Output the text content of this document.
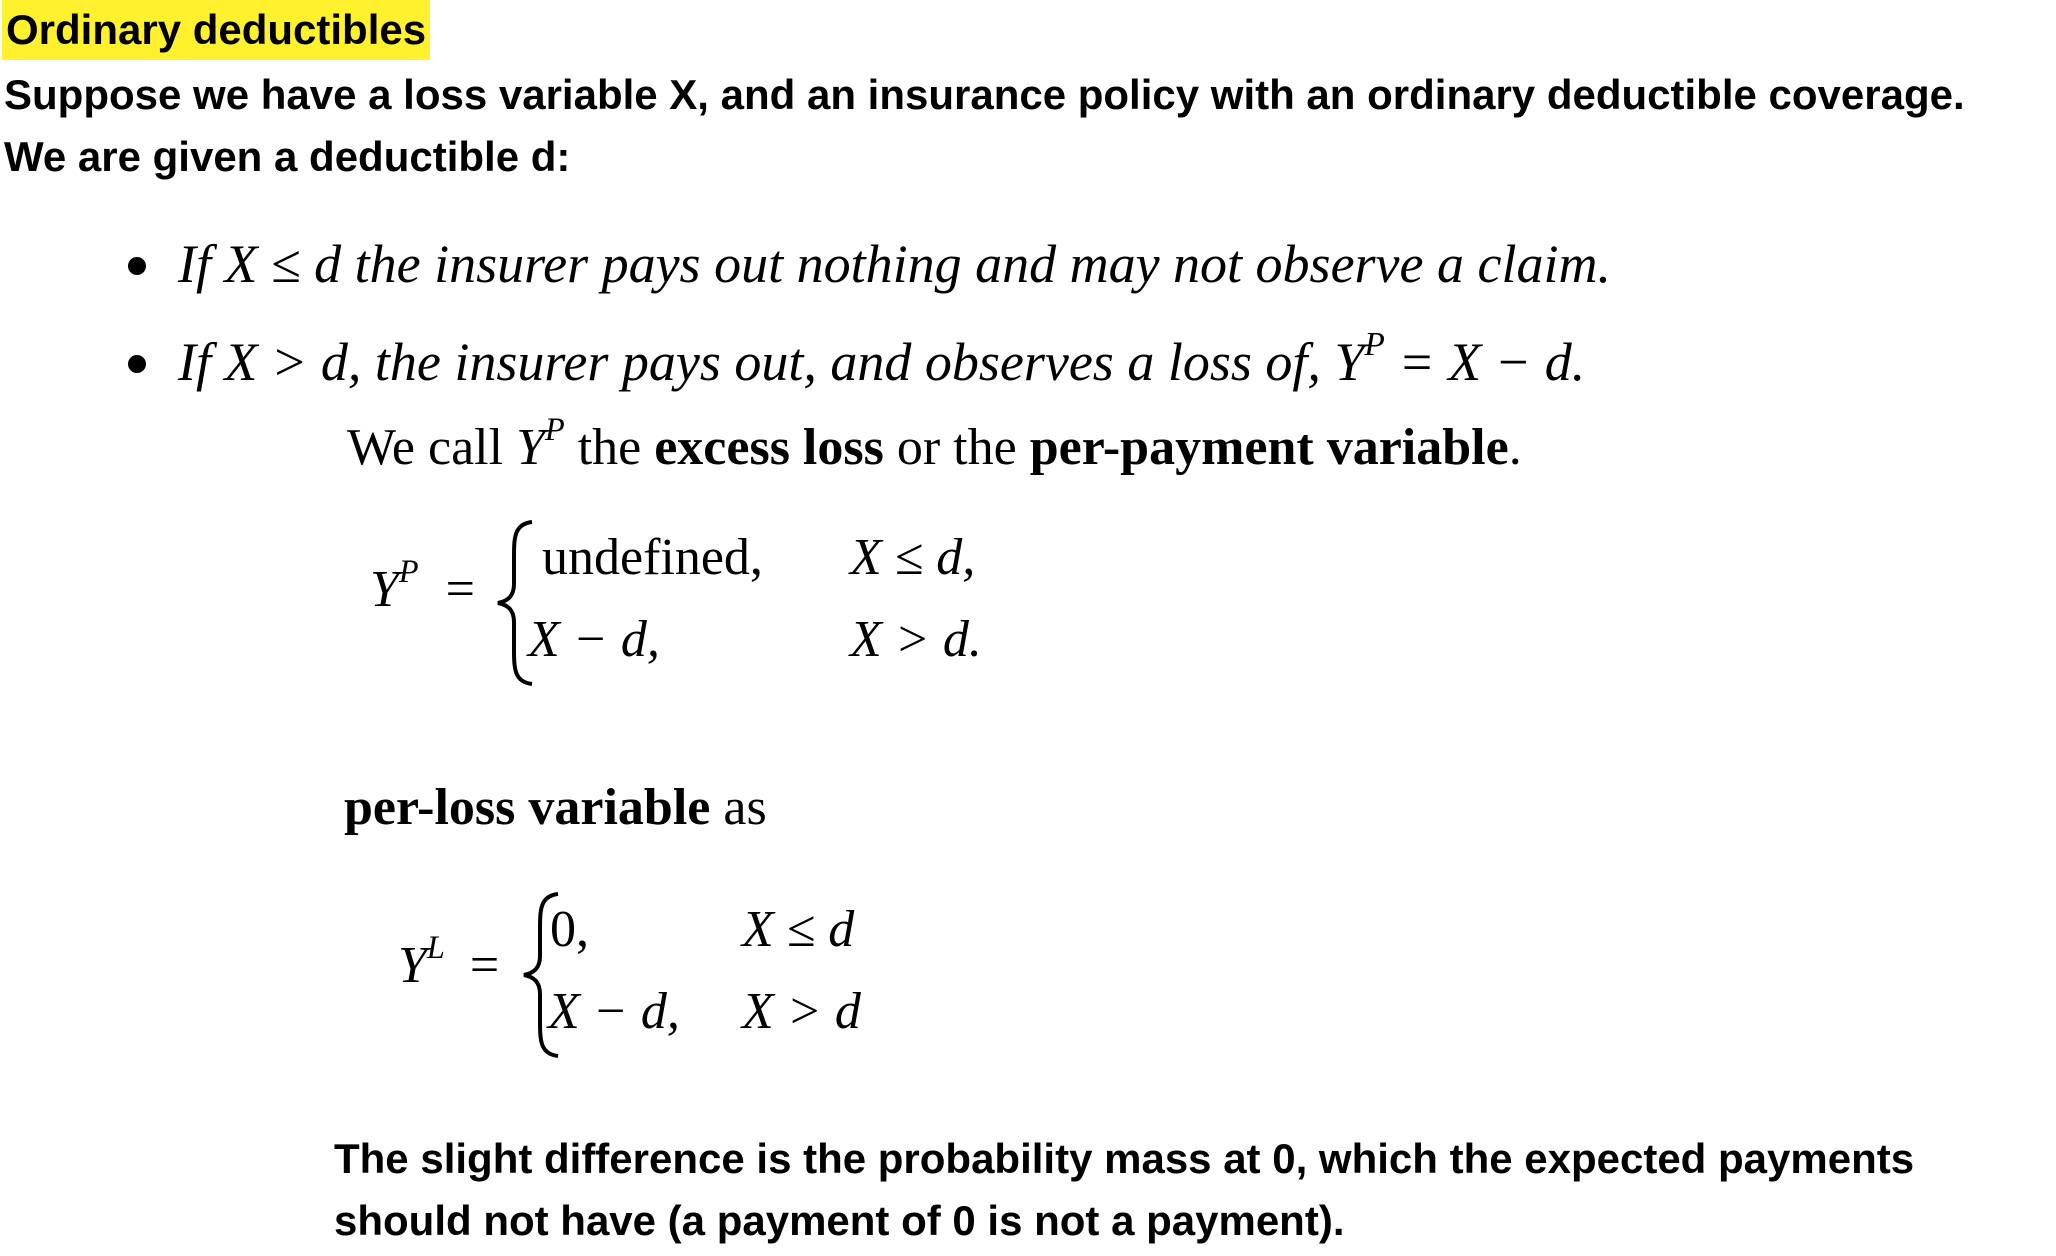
Ordinary deductibles
Suppose we have a loss variable X, and an insurance policy with an ordinary deductible coverage.
We are given a deductible d:
If X ≤ d the insurer pays out nothing and may not observe a claim.
If X > d, the insurer pays out, and observes a loss of, $Y^P = X - d$.
We call $Y^P$ the excess loss or the per-payment variable.
$Y^P$ =
undefined, X ≤ d,
X − d,	X > d.
per-loss variable as
$Y^L$ =
0,	X ≤ d
X − d, X > d
The slight difference is the probability mass at 0, which the expected payments
should not have (a payment of 0 is not a payment).
